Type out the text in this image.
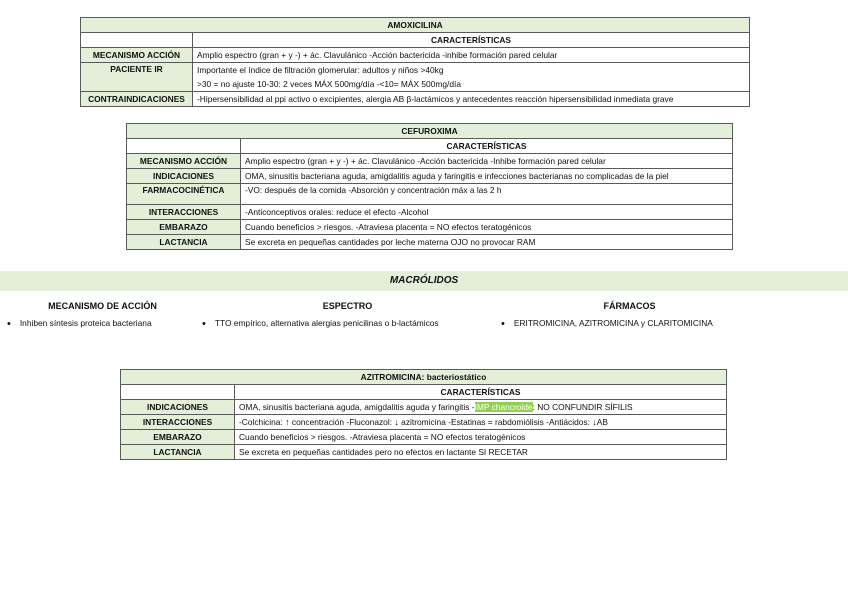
AMOXICILINA	
	CARACTERÍSTICAS
MECANISMO ACCIÓN	Amplio espectro (gran + y -) + ác. Clavulánico -Acción bactericida -inhibe formación pared celular
PACIENTE IR	Importante el índice de filtración glomerular: adultos y niños >40kg
	>30 = no ajuste 10-30: 2 veces MÁX 500mg/día -<10= MÁX 500mg/día
CONTRAINDICACIONES	-Hipersensibilidad al ppi activo o excipientes, alergia AB β-lactámicos y antecedentes reacción hipersensibilidad inmediata grave
CEFUROXIMA	
	CARACTERÍSTICAS
MECANISMO ACCIÓN	Amplio espectro (gran + y -) + ác. Clavulánico -Acción bactericida -Inhibe formación pared celular
INDICACIONES	OMA, sinusitis bacteriana aguda, amigdalitis aguda y faringitis e infecciones bacterianas no complicadas de la piel
FARMACOCINÉTICA	-VO: después de la comida -Absorción y concentración máx a las 2 h
INTERACCIONES	-Anticonceptivos orales: reduce el efecto -Alcohol
EMBARAZO	Cuando beneficios > riesgos. -Atraviesa placenta = NO efectos teratogénicos
LACTANCIA	Se excreta en pequeñas cantidades por leche materna OJO no provocar RAM
MACRÓLIDOS
MECANISMO DE ACCIÓN	ESPECTRO	FÁRMACOS
• Inhiben síntesis proteica bacteriana	• TTO empírico, alternativa alergias penicilinas o b-lactámicos	• ERITROMICINA, AZITROMICINA y CLARITOMICINA
AZITROMICINA: bacteriostático	
	CARACTERÍSTICAS
INDICACIONES	OMA, sinusitis bacteriana aguda, amigdalitis aguda y faringitis -IMP chancroide: NO CONFUNDIR SÍFILIS
INTERACCIONES	-Colchicina: ↑ concentración -Fluconazol: ↓ azitromicina -Estatinas = rabdomiólisis -Antiácidos: ↓AB
EMBARAZO	Cuando beneficios > riesgos. -Atraviesa placenta = NO efectos teratogénicos
LACTANCIA	Se excreta en pequeñas cantidades pero no efectos en lactante SI RECETAR
